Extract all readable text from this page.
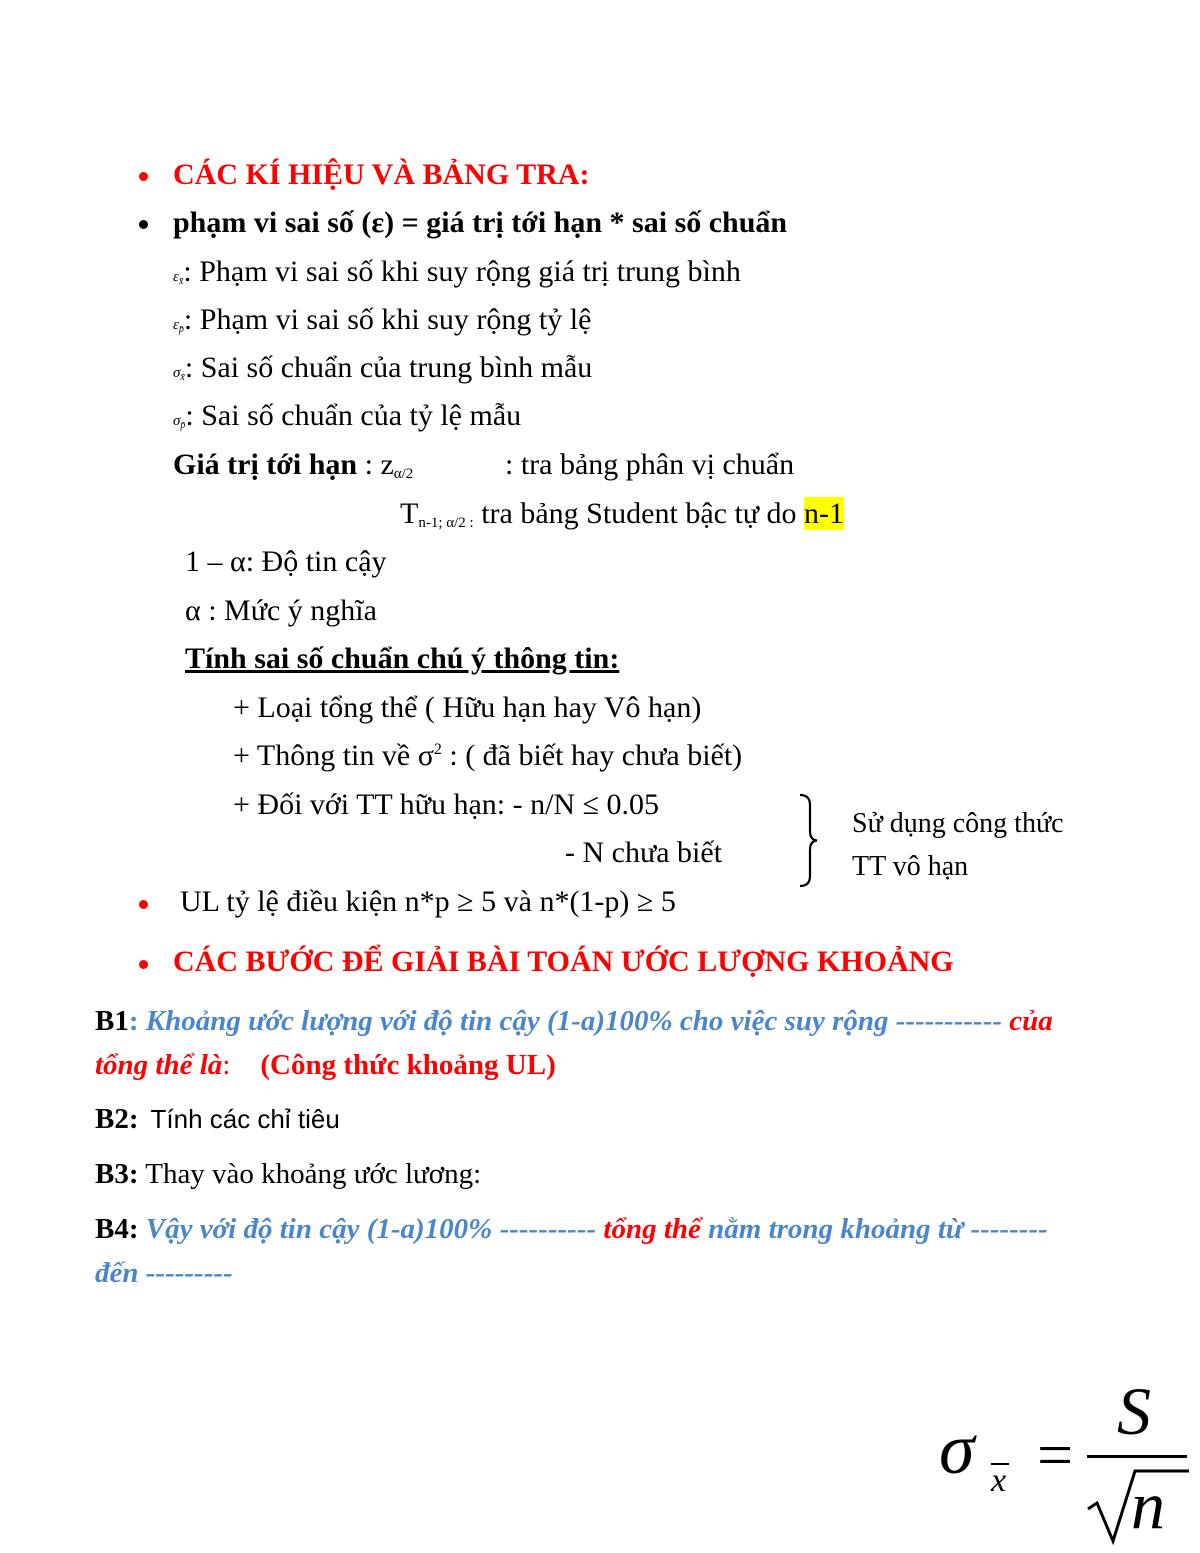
CÁC KÍ HIỆU VÀ BẢNG TRA:
phạm vi sai số (ε) = giá trị tới hạn * sai số chuẩn
εx̄: Phạm vi sai số khi suy rộng giá trị trung bình
εp̄: Phạm vi sai số khi suy rộng tỷ lệ
σx̄: Sai số chuẩn của trung bình mẫu
σp̄: Sai số chuẩn của tỷ lệ mẫu
Giá trị tới hạn : $z_{\alpha/2}$	: tra bảng phân vị chuẩn
$T_{n-1; \alpha/2 :}$ tra bảng Student bậc tự do n-1
1 – α: Độ tin cậy
α : Mức ý nghĩa
Tính sai số chuẩn chú ý thông tin:
+ Loại tổng thể ( Hữu hạn hay Vô hạn)
+ Thông tin về $\sigma^2$ : ( đã biết hay chưa biết)
+ Đối với TT hữu hạn: - n/N ≤ 0.05
- N chưa biết
Sử dụng công thức
TT vô hạn
UL tỷ lệ điều kiện n*p ≥ 5 và n*(1-p) ≥ 5
CÁC BƯỚC ĐỂ GIẢI BÀI TOÁN ƯỚC LƯỢNG KHOẢNG
B1: Khoảng ước lượng với độ tin cậy (1-a)100% cho việc suy rộng ----------- của
tổng thể là: (Công thức khoảng UL)
B2: Tính các chỉ tiêu
B3: Thay vào khoảng ước lương:
B4: Vậy với độ tin cậy (1-a)100% ---------- tổng thể nằm trong khoảng từ --------
đến ---------
σ x =
S
n
